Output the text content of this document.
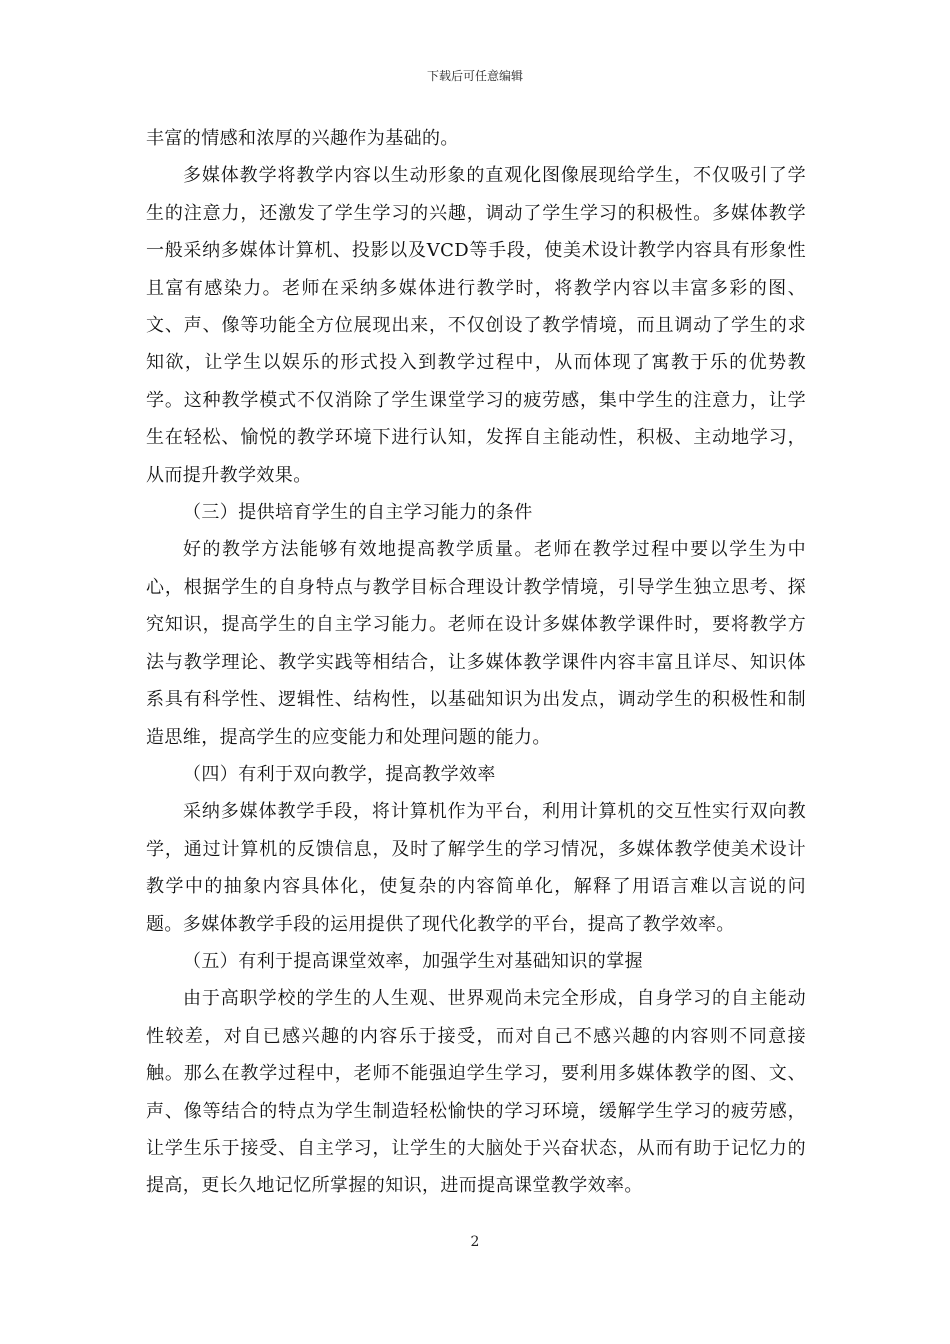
下载后可任意编辑

丰富的情感和浓厚的兴趣作为基础的。

多媒体教学将教学内容以生动形象的直观化图像展现给学生，不仅吸引了学生的注意力，还激发了学生学习的兴趣，调动了学生学习的积极性。多媒体教学一般采纳多媒体计算机、投影以及VCD等手段，使美术设计教学内容具有形象性且富有感染力。老师在采纳多媒体进行教学时，将教学内容以丰富多彩的图、文、声、像等功能全方位展现出来，不仅创设了教学情境，而且调动了学生的求知欲，让学生以娱乐的形式投入到教学过程中，从而体现了寓教于乐的优势教学。这种教学模式不仅消除了学生课堂学习的疲劳感，集中学生的注意力，让学生在轻松、愉悦的教学环境下进行认知，发挥自主能动性，积极、主动地学习，从而提升教学效果。

（三）提供培育学生的自主学习能力的条件

好的教学方法能够有效地提高教学质量。老师在教学过程中要以学生为中心，根据学生的自身特点与教学目标合理设计教学情境，引导学生独立思考、探究知识，提高学生的自主学习能力。老师在设计多媒体教学课件时，要将教学方法与教学理论、教学实践等相结合，让多媒体教学课件内容丰富且详尽、知识体系具有科学性、逻辑性、结构性，以基础知识为出发点，调动学生的积极性和制造思维，提高学生的应变能力和处理问题的能力。

（四）有利于双向教学，提高教学效率

采纳多媒体教学手段，将计算机作为平台，利用计算机的交互性实行双向教学，通过计算机的反馈信息，及时了解学生的学习情况，多媒体教学使美术设计教学中的抽象内容具体化，使复杂的内容简单化，解释了用语言难以言说的问题。多媒体教学手段的运用提供了现代化教学的平台，提高了教学效率。

（五）有利于提高课堂效率，加强学生对基础知识的掌握

由于高职学校的学生的人生观、世界观尚未完全形成，自身学习的自主能动性较差，对自已感兴趣的内容乐于接受，而对自己不感兴趣的内容则不同意接触。那么在教学过程中，老师不能强迫学生学习，要利用多媒体教学的图、文、声、像等结合的特点为学生制造轻松愉快的学习环境，缓解学生学习的疲劳感，让学生乐于接受、自主学习，让学生的大脑处于兴奋状态，从而有助于记忆力的提高，更长久地记忆所掌握的知识，进而提高课堂教学效率。

2
